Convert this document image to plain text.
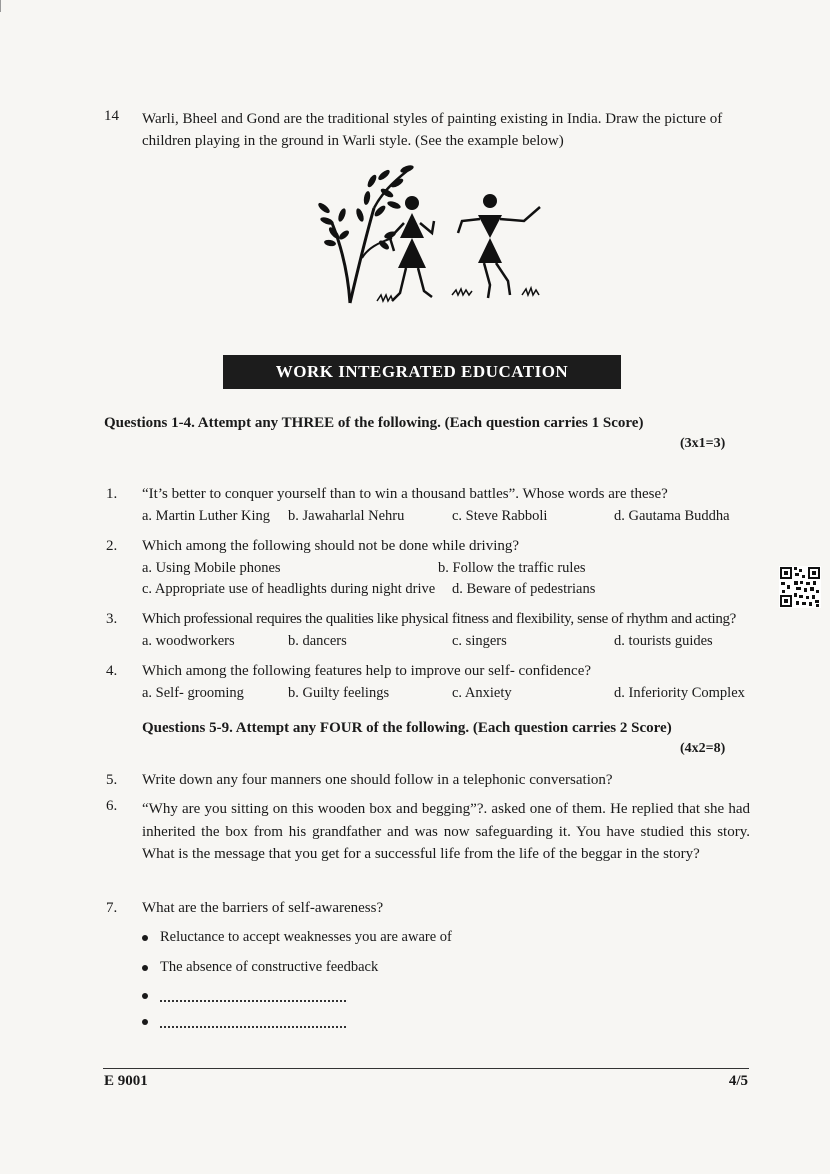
14 Warli, Bheel and Gond are the traditional styles of painting existing in India. Draw the picture of children playing in the ground in Warli style. (See the example below)
WORK INTEGRATED EDUCATION
Questions 1-4. Attempt any THREE of the following. (Each question carries 1 Score)
(3x1=3)
1. “It’s better to conquer yourself than to win a thousand battles”. Whose words are these?
a. Martin Luther King b. Jawaharlal Nehru	c. Steve Rabboli	d. Gautama Buddha
2. Which among the following should not be done while driving?
a. Using Mobile phones	b. Follow the traffic rules
c. Appropriate use of headlights during night drive d. Beware of pedestrians
3. Which professional requires the qualities like physical fitness and flexibility, sense of rhythm and acting?
a. woodworkers	b. dancers	c. singers	d. tourists guides
4. Which among the following features help to improve our self- confidence?
a. Self- grooming	b. Guilty feelings	c. Anxiety	d. Inferiority Complex
Questions 5-9. Attempt any FOUR of the following. (Each question carries 2 Score)
(4x2=8)
5. Write down any four manners one should follow in a telephonic conversation?
6. “Why are you sitting on this wooden box and begging”?. asked one of them. He replied that she had inherited the box from his grandfather and was now safeguarding it. You have studied this story. What is the message that you get for a successful life from the life of the beggar in the story?
7. What are the barriers of self-awareness?
Reluctance to accept weaknesses you are aware of
The absence of constructive feedback
E 9001	4/5
